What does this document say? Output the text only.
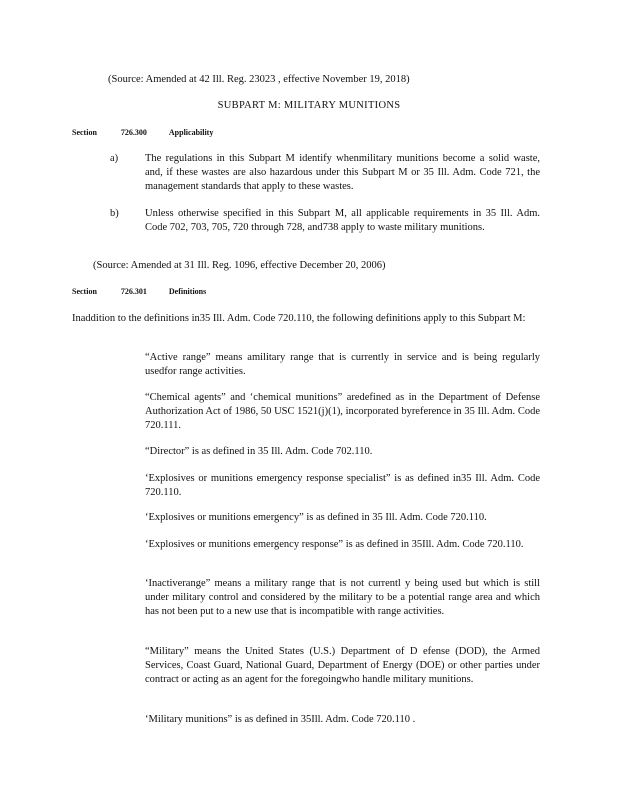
(Source: Amended at 42 Ill. Reg. 23023 , effective November 19, 2018)
SUBPART M: MILITARY MUNITIONS
Section	726.300	Applicability
a)	The regulations in this Subpart M identify whenmilitary munitions become a solid waste, and, if these wastes are also hazardous under this Subpart M or 35 Ill. Adm. Code 721, the management standards that apply to these wastes.
b)	Unless otherwise specified in this Subpart M, all applicable requirements in 35 Ill. Adm. Code 702, 703, 705, 720 through 728, and738 apply to waste military munitions.
(Source: Amended at 31 Ill. Reg. 1096, effective December 20, 2006)
Section	726.301	Definitions
Inaddition to the definitions in35 Ill. Adm. Code 720.110, the following definitions apply to this Subpart M:
“Active range” means amilitary range that is currently in service and is being regularly usedfor range activities.
“Chemical agents” and ‘chemical munitions” aredefined as in the Department of Defense Authorization Act of 1986, 50 USC 1521(j)(1), incorporated byreference in 35 Ill. Adm. Code 720.111.
“Director” is as defined in 35 Ill. Adm. Code 702.110.
‘Explosives or munitions emergency response specialist” is as defined in35 Ill. Adm. Code 720.110.
‘Explosives or munitions emergency” is as defined in 35 Ill. Adm. Code 720.110.
‘Explosives or munitions emergency response” is as defined in 35Ill. Adm. Code 720.110.
‘Inactiverange” means a military range that is not currentl y being used but which is still under military control and considered by the military to be a potential range area and which has not been put to a new use that is incompatible with range activities.
“Military” means the United States (U.S.) Department of D efense (DOD), the Armed Services, Coast Guard, National Guard, Department of Energy (DOE) or other parties under contract or acting as an agent for the foregoingwho handle military munitions.
‘Military munitions” is as defined in 35Ill. Adm. Code 720.110 .
